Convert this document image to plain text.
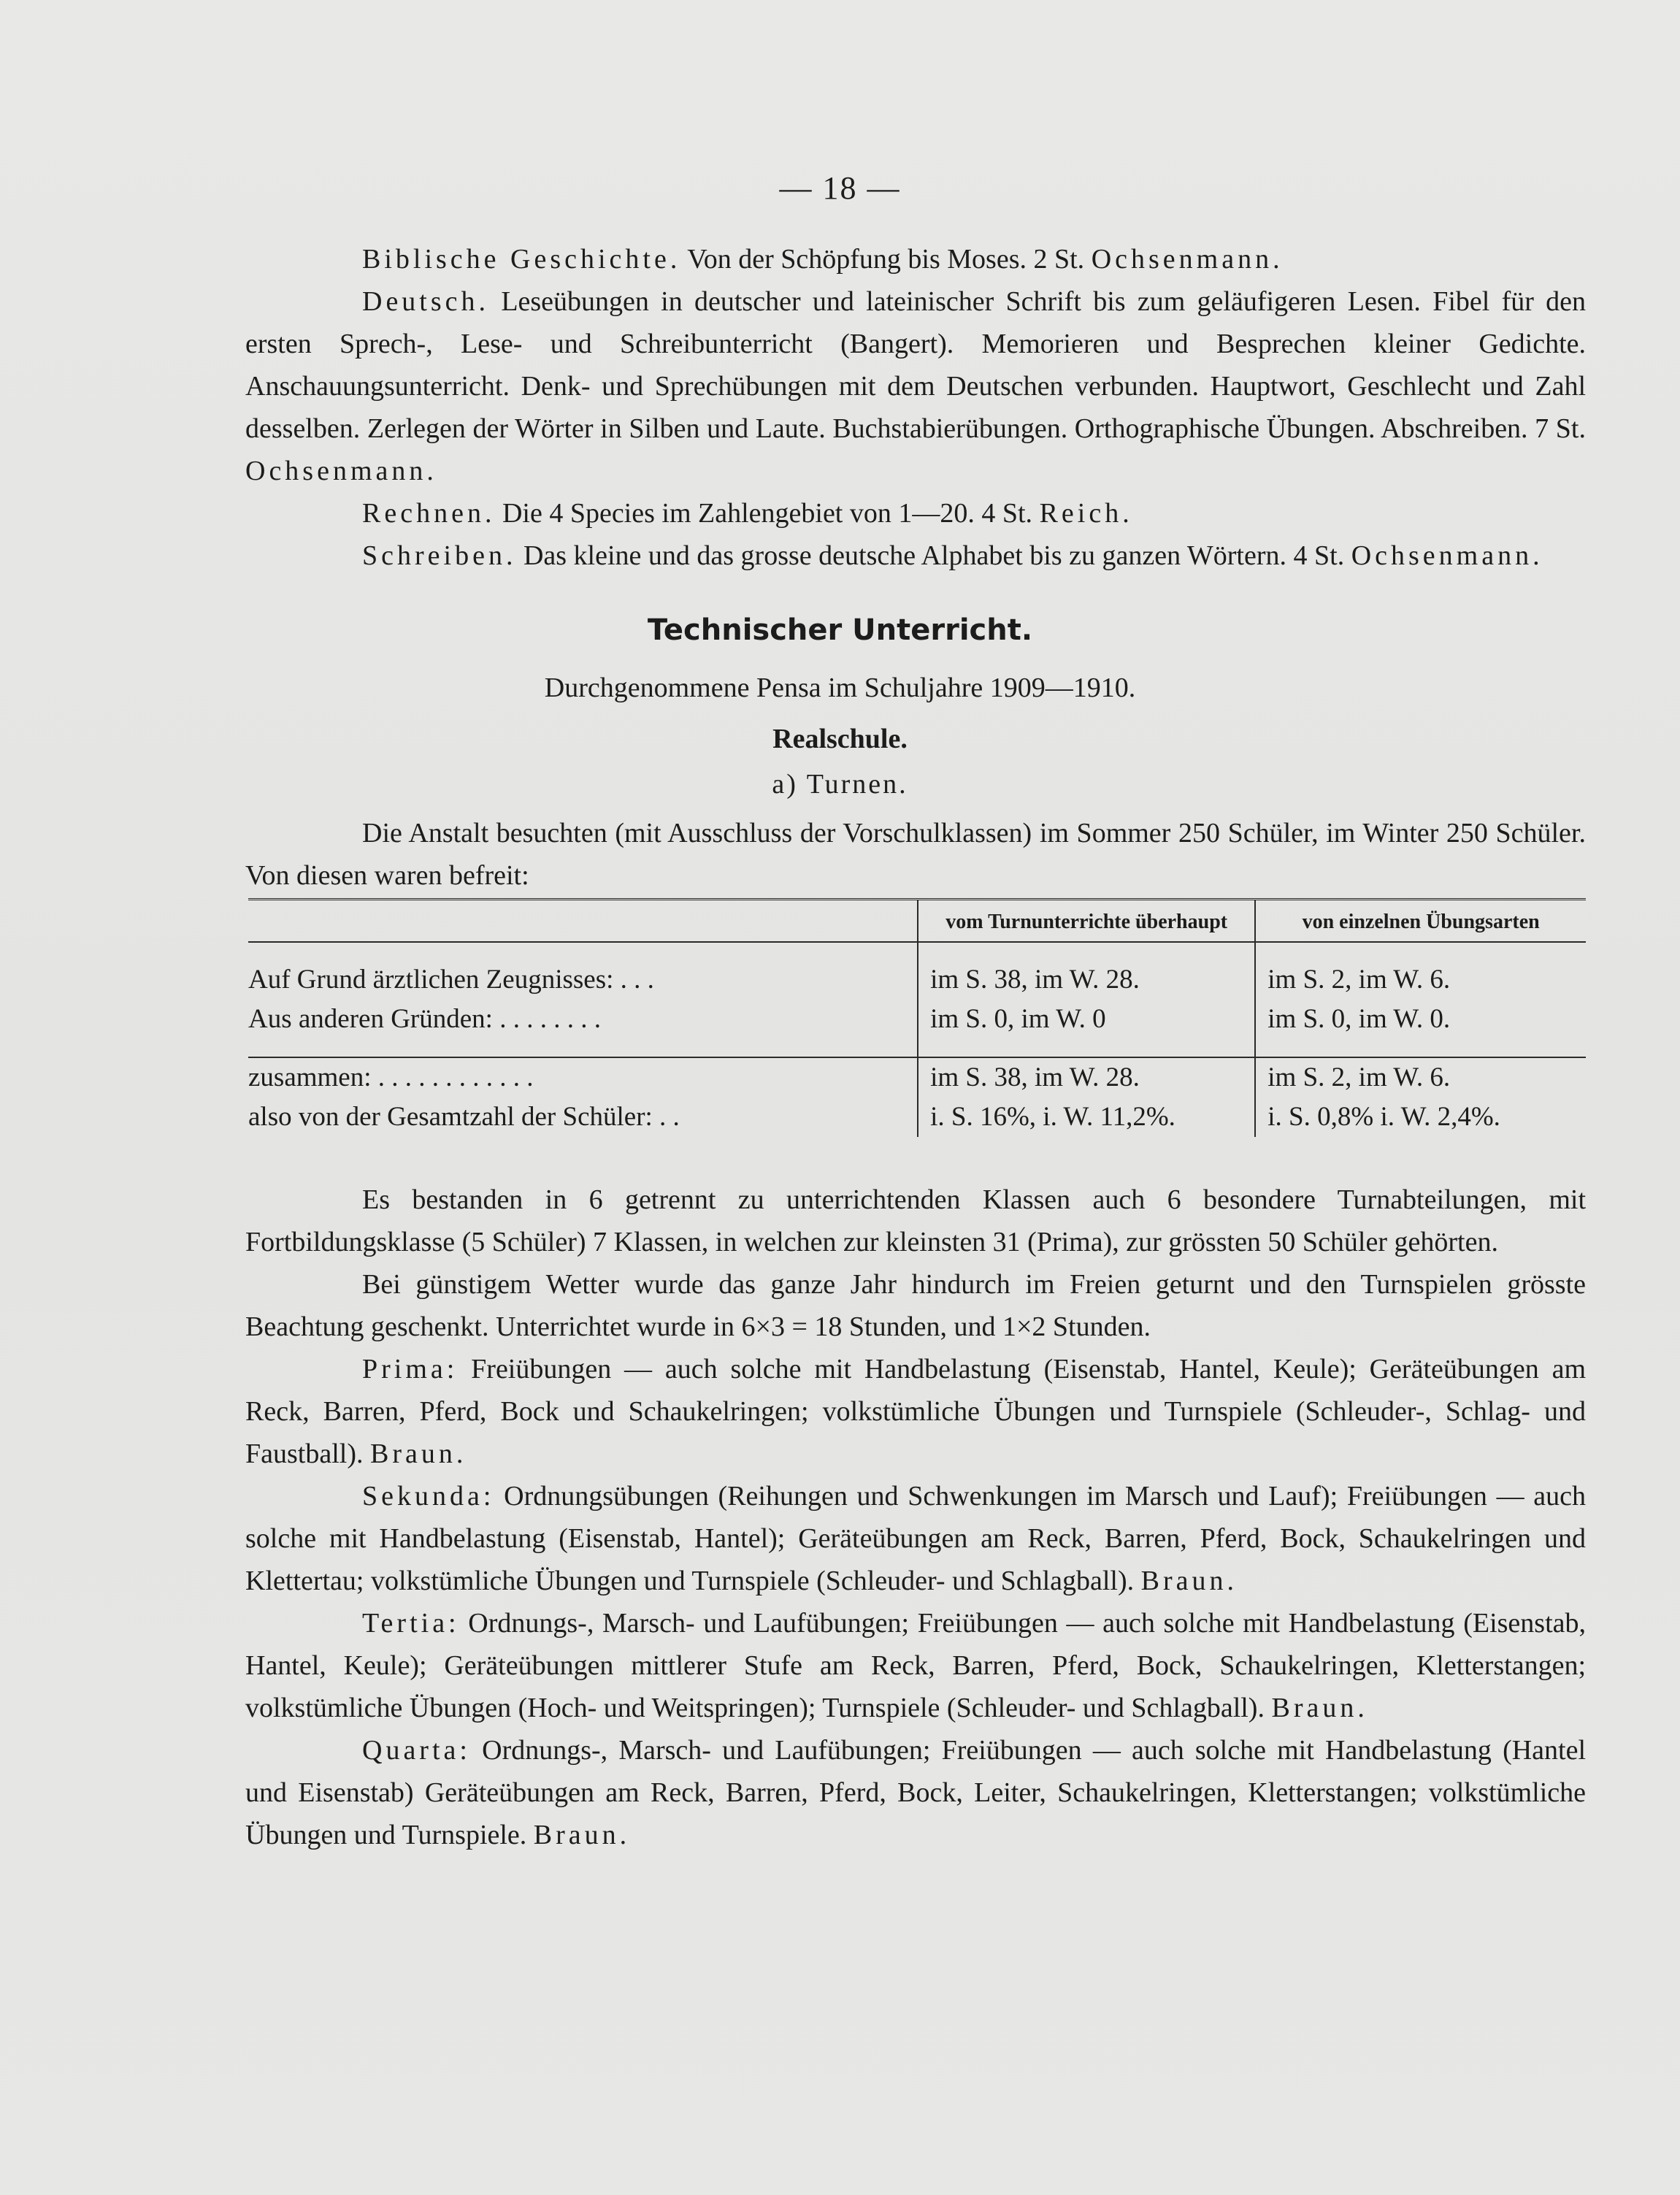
— 18 —

Biblische Geschichte. Von der Schöpfung bis Moses. 2 St. Ochsenmann.

Deutsch. Leseübungen in deutscher und lateinischer Schrift bis zum geläufigeren Lesen. Fibel für den ersten Sprech-, Lese- und Schreibunterricht (Bangert). Memorieren und Besprechen kleiner Gedichte. Anschauungsunterricht. Denk- und Sprechübungen mit dem Deutschen verbunden. Hauptwort, Geschlecht und Zahl desselben. Zerlegen der Wörter in Silben und Laute. Buchstabierübungen. Orthographische Übungen. Abschreiben. 7 St. Ochsenmann.

Rechnen. Die 4 Species im Zahlengebiet von 1—20. 4 St. Reich.

Schreiben. Das kleine und das grosse deutsche Alphabet bis zu ganzen Wörtern. 4 St. Ochsenmann.

Technischer Unterricht.
Durchgenommene Pensa im Schuljahre 1909—1910.
Realschule.
a) Turnen.

Die Anstalt besuchten (mit Ausschluss der Vorschulklassen) im Sommer 250 Schüler, im Winter 250 Schüler. Von diesen waren befreit:

	vom Turnunterrichte überhaupt	von einzelnen Übungsarten

Auf Grund ärztlichen Zeugnisses: . . .	im S. 38, im W. 28.	im S. 2, im W. 6.
Aus anderen Gründen: . . . . . . . .	im S. 0, im W. 0	im S. 0, im W. 0.

zusammen: . . . . . . . . . . . .	im S. 38, im W. 28.	im S. 2, im W. 6.
also von der Gesamtzahl der Schüler: . .	i. S. 16%, i. W. 11,2%.	i. S. 0,8% i. W. 2,4%.

Es bestanden in 6 getrennt zu unterrichtenden Klassen auch 6 besondere Turnabteilungen, mit Fortbildungsklasse (5 Schüler) 7 Klassen, in welchen zur kleinsten 31 (Prima), zur grössten 50 Schüler gehörten.

Bei günstigem Wetter wurde das ganze Jahr hindurch im Freien geturnt und den Turnspielen grösste Beachtung geschenkt. Unterrichtet wurde in 6×3 = 18 Stunden, und 1×2 Stunden.

Prima: Freiübungen — auch solche mit Handbelastung (Eisenstab, Hantel, Keule); Geräteübungen am Reck, Barren, Pferd, Bock und Schaukelringen; volkstümliche Übungen und Turnspiele (Schleuder-, Schlag- und Faustball). Braun.

Sekunda: Ordnungsübungen (Reihungen und Schwenkungen im Marsch und Lauf); Freiübungen — auch solche mit Handbelastung (Eisenstab, Hantel); Geräteübungen am Reck, Barren, Pferd, Bock, Schaukelringen und Klettertau; volkstümliche Übungen und Turnspiele (Schleuder- und Schlagball). Braun.

Tertia: Ordnungs-, Marsch- und Laufübungen; Freiübungen — auch solche mit Handbelastung (Eisenstab, Hantel, Keule); Geräteübungen mittlerer Stufe am Reck, Barren, Pferd, Bock, Schaukelringen, Kletterstangen; volkstümliche Übungen (Hoch- und Weitspringen); Turnspiele (Schleuder- und Schlagball). Braun.

Quarta: Ordnungs-, Marsch- und Laufübungen; Freiübungen — auch solche mit Handbelastung (Hantel und Eisenstab) Geräteübungen am Reck, Barren, Pferd, Bock, Leiter, Schaukelringen, Kletterstangen; volkstümliche Übungen und Turnspiele. Braun.
